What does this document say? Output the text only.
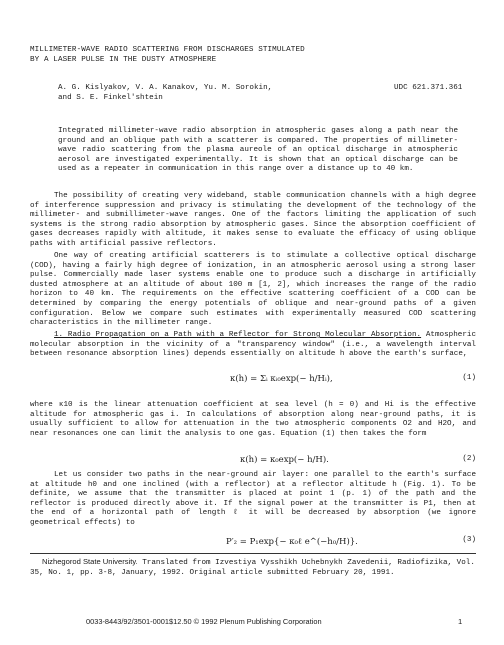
MILLIMETER-WAVE RADIO SCATTERING FROM DISCHARGES STIMULATED
BY A LASER PULSE IN THE DUSTY ATMOSPHERE
A. G. Kislyakov, V. A. Kanakov, Yu. M. Sorokin,
and S. E. Finkel'shtein
UDC 621.371.361
Integrated millimeter-wave radio absorption in atmospheric gases along a path near the ground and an oblique path with a scatterer is compared. The properties of millimeter-wave radio scattering from the plasma aureole of an optical discharge in atmospheric aerosol are investigated experimentally. It is shown that an optical discharge can be used as a repeater in communication in this range over a distance up to 40 km.
The possibility of creating very wideband, stable communication channels with a high degree of interference suppression and privacy is stimulating the development of the technology of the millimeter- and submillimeter-wave ranges. One of the factors limiting the application of such systems is the strong radio absorption by atmospheric gases. Since the absorption coefficient of gases decreases rapidly with altitude, it makes sense to evaluate the efficacy of using oblique paths with artificial passive reflectors.
One way of creating artificial scatterers is to stimulate a collective optical discharge (COD), having a fairly high degree of ionization, in an atmospheric aerosol using a strong laser pulse. Commercially made laser systems enable one to produce such a discharge in artificially dusted atmosphere at an altitude of about 100 m [1, 2], which increases the range of the radio horizon to 40 km. The requirements on the effective scattering coefficient of a COD can be determined by comparing the energy potentials of oblique and near-ground paths of a given configuration. Below we compare such estimates with experimentally measured COD scattering characteristics in the millimeter range.
1. Radio Propagation on a Path with a Reflector for Strong Molecular Absorption. Atmospheric molecular absorption in the vicinity of a "transparency window" (i.e., a wavelength interval between resonance absorption lines) depends essentially on altitude h above the earth's surface,
κ(h) = Σᵢ κᵢ₀exp(− h/Hᵢ),	(1)
where κ10 is the linear attenuation coefficient at sea level (h = 0) and Hi is the effective altitude for atmospheric gas i. In calculations of absorption along near-ground paths, it is usually sufficient to allow for attenuation in the two atmospheric components O2 and H2O, and near resonances one can limit the analysis to one gas. Equation (1) then takes the form
κ(h) = κ₀exp(− h/H).	(2)
Let us consider two paths in the near-ground air layer: one parallel to the earth's surface at altitude h0 and one inclined (with a reflector) at a reflector altitude h (Fig. 1). To be definite, we assume that the transmitter is placed at point 1 (p. 1) of the path and the reflector is produced directly above it. If the signal power at the transmitter is P1, then at the end of a horizontal path of length ℓ it will be decreased by absorption (we ignore geometrical effects) to
P′₂ = P₁exp{− κ₀ℓ e^(−h₀/H)}.	(3)
Nizhegorod State University. Translated from Izvestiya Vysshikh Uchebnykh Zavedenii, Radiofizika, Vol. 35, No. 1, pp. 3-8, January, 1992. Original article submitted February 20, 1991.
0033-8443/92/3501-0001$12.50 © 1992 Plenum Publishing Corporation	1
